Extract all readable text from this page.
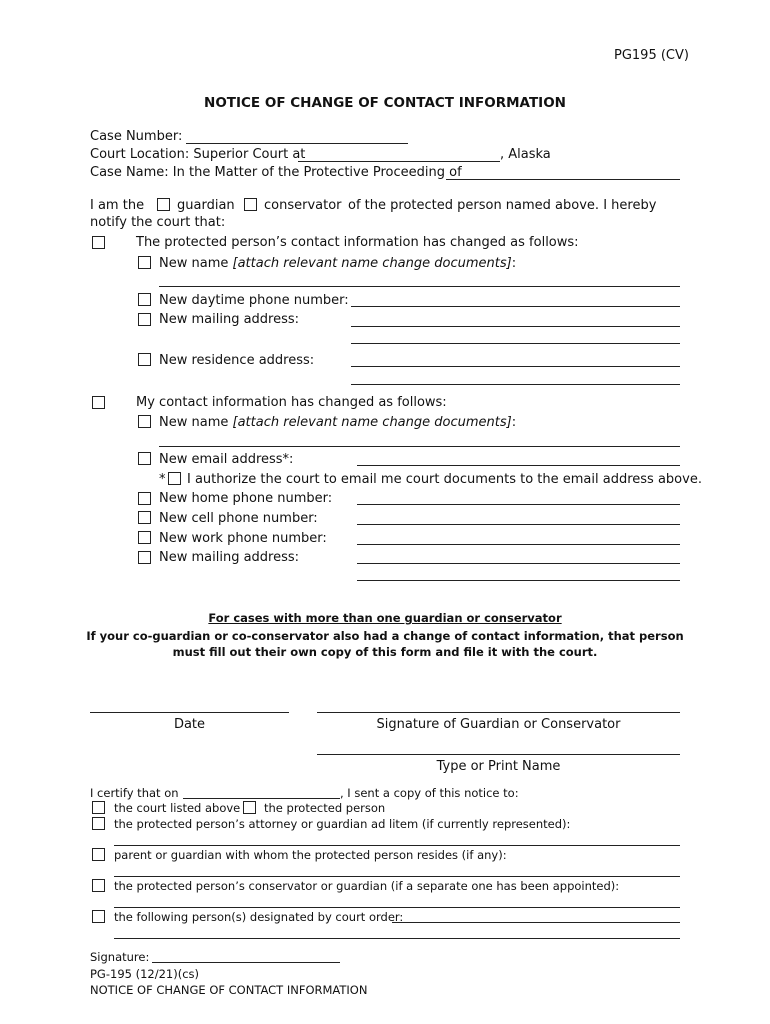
PG195 (CV)
NOTICE OF CHANGE OF CONTACT INFORMATION
Case Number:
Court Location: Superior Court at	, Alaska
Case Name: In the Matter of the Protective Proceeding of
I am the	guardian conservator of the protected person named above. I hereby
notify the court that:
The protected person’s contact information has changed as follows:
New name [attach relevant name change documents]:
New daytime phone number:
New mailing address:
New residence address:
My contact information has changed as follows:
New name [attach relevant name change documents]:
New email address*:
* I authorize the court to email me court documents to the email address above.
New home phone number:
New cell phone number:
New work phone number:
New mailing address:
For cases with more than one guardian or conservator
If your co-guardian or co-conservator also had a change of contact information, that person
must fill out their own copy of this form and file it with the court.
Date	Signature of Guardian or Conservator
Type or Print Name
I certify that on	, I sent a copy of this notice to:
the court listed above the protected person
the protected person’s attorney or guardian ad litem (if currently represented):
parent or guardian with whom the protected person resides (if any):
the protected person’s conservator or guardian (if a separate one has been appointed):
the following person(s) designated by court order:
Signature:
PG-195 (12/21)(cs)
NOTICE OF CHANGE OF CONTACT INFORMATION
